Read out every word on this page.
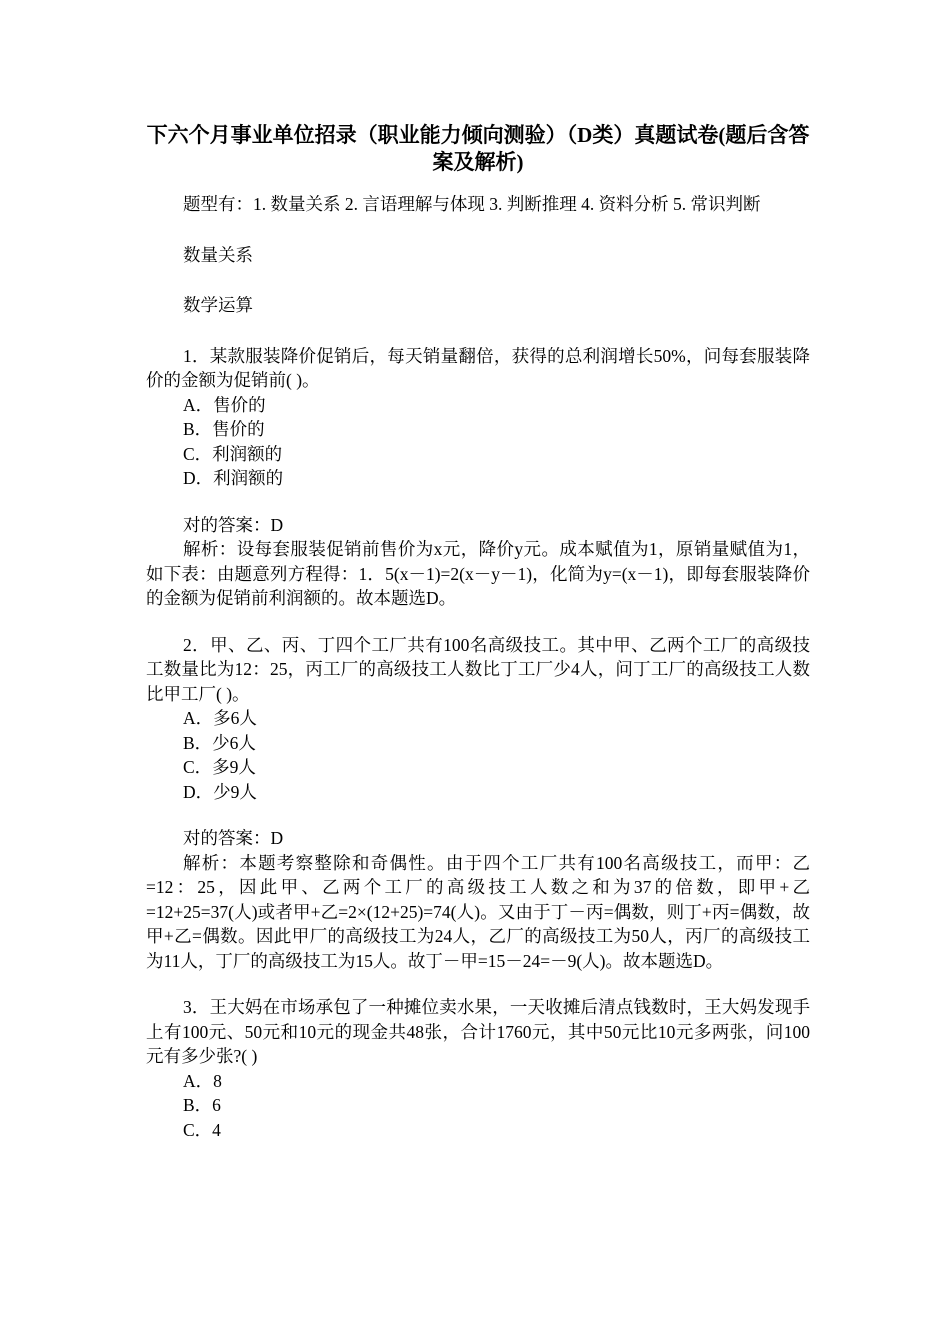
下六个月事业单位招录（职业能力倾向测验）（D类）真题试卷(题后含答案及解析)

题型有：1. 数量关系 2. 言语理解与体现 3. 判断推理 4. 资料分析 5. 常识判断

数量关系

数学运算

1．某款服装降价促销后，每天销量翻倍，获得的总利润增长50%，问每套服装降价的金额为促销前( )。

A．售价的

B．售价的

C．利润额的

D．利润额的

对的答案：D

解析：设每套服装促销前售价为x元，降价y元。成本赋值为1，原销量赋值为1，如下表：由题意列方程得：1．5(x－1)=2(x－y－1)，化简为y=(x－1)，即每套服装降价的金额为促销前利润额的。故本题选D。

2．甲、乙、丙、丁四个工厂共有100名高级技工。其中甲、乙两个工厂的高级技工数量比为12：25，丙工厂的高级技工人数比丁工厂少4人，问丁工厂的高级技工人数比甲工厂( )。

A．多6人

B．少6人

C．多9人

D．少9人

对的答案：D

解析：本题考察整除和奇偶性。由于四个工厂共有100名高级技工，而甲：乙=12：25，因此甲、乙两个工厂的高级技工人数之和为37的倍数，即甲+乙=12+25=37(人)或者甲+乙=2×(12+25)=74(人)。又由于丁－丙=偶数，则丁+丙=偶数，故甲+乙=偶数。因此甲厂的高级技工为24人，乙厂的高级技工为50人，丙厂的高级技工为11人，丁厂的高级技工为15人。故丁－甲=15－24=－9(人)。故本题选D。

3．王大妈在市场承包了一种摊位卖水果，一天收摊后清点钱数时，王大妈发现手上有100元、50元和10元的现金共48张，合计1760元，其中50元比10元多两张，问100元有多少张?( )

A．8

B．6

C．4
